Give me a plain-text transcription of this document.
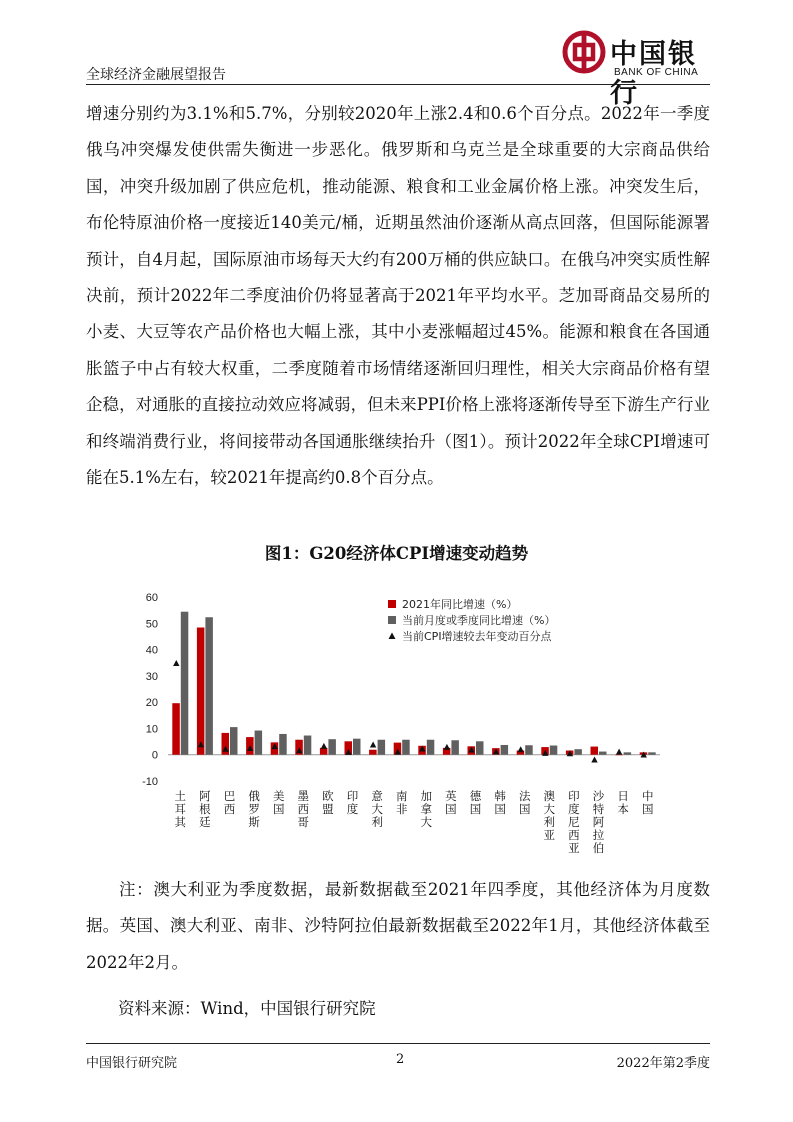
全球经济金融展望报告
中国银行
BANK OF CHINA

增速分别约为3.1%和5.7%，分别较2020年上涨2.4和0.6个百分点。2022年一季度俄乌冲突爆发使供需失衡进一步恶化。俄罗斯和乌克兰是全球重要的大宗商品供给国，冲突升级加剧了供应危机，推动能源、粮食和工业金属价格上涨。冲突发生后，布伦特原油价格一度接近140美元/桶，近期虽然油价逐渐从高点回落，但国际能源署预计，自4月起，国际原油市场每天大约有200万桶的供应缺口。在俄乌冲突实质性解决前，预计2022年二季度油价仍将显著高于2021年平均水平。芝加哥商品交易所的小麦、大豆等农产品价格也大幅上涨，其中小麦涨幅超过45%。能源和粮食在各国通胀篮子中占有较大权重，二季度随着市场情绪逐渐回归理性，相关大宗商品价格有望企稳，对通胀的直接拉动效应将减弱，但未来PPI价格上涨将逐渐传导至下游生产行业和终端消费行业，将间接带动各国通胀继续抬升（图1）。预计2022年全球CPI增速可能在5.1%左右，较2021年提高约0.8个百分点。

图1：G20经济体CPI增速变动趋势
-10
0
10
20
30
40
50
60
土耳其
阿根廷
巴西
俄罗斯
美国
墨西哥
欧盟
印度
意大利
南非
加拿大
英国
德国
韩国
法国
澳大利亚
印度尼西亚
沙特阿拉伯
日本
中国
2021年同比增速（%）
当前月度或季度同比增速（%）
当前CPI增速较去年变动百分点

注：澳大利亚为季度数据，最新数据截至2021年四季度，其他经济体为月度数据。英国、澳大利亚、南非、沙特阿拉伯最新数据截至2022年1月，其他经济体截至2022年2月。

资料来源：Wind，中国银行研究院
中国银行研究院	2	2022年第2季度
